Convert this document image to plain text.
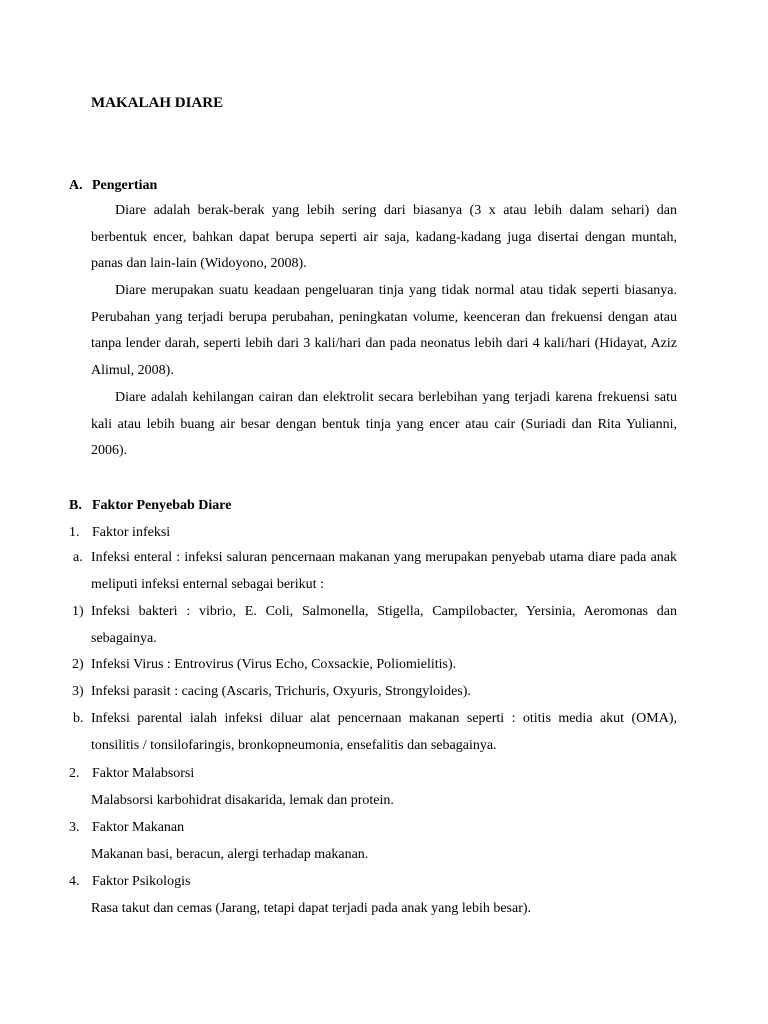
MAKALAH DIARE
A. Pengertian

Diare adalah berak-berak yang lebih sering dari biasanya (3 x atau lebih dalam sehari) dan berbentuk encer, bahkan dapat berupa seperti air saja, kadang-kadang juga disertai dengan muntah, panas dan lain-lain (Widoyono, 2008).

Diare merupakan suatu keadaan pengeluaran tinja yang tidak normal atau tidak seperti biasanya. Perubahan yang terjadi berupa perubahan, peningkatan volume, keenceran dan frekuensi dengan atau tanpa lender darah, seperti lebih dari 3 kali/hari dan pada neonatus lebih dari 4 kali/hari (Hidayat, Aziz Alimul, 2008).

Diare adalah kehilangan cairan dan elektrolit secara berlebihan yang terjadi karena frekuensi satu kali atau lebih buang air besar dengan bentuk tinja yang encer atau cair (Suriadi dan Rita Yulianni, 2006).

B. Faktor Penyebab Diare
1. Faktor infeksi
a. Infeksi enteral : infeksi saluran pencernaan makanan yang merupakan penyebab utama diare pada anak meliputi infeksi enternal sebagai berikut :
1) Infeksi bakteri : vibrio, E. Coli, Salmonella, Stigella, Campilobacter, Yersinia, Aeromonas dan sebagainya.
2) Infeksi Virus : Entrovirus (Virus Echo, Coxsackie, Poliomielitis).
3) Infeksi parasit : cacing (Ascaris, Trichuris, Oxyuris, Strongyloides).
b. Infeksi parental ialah infeksi diluar alat pencernaan makanan seperti : otitis media akut (OMA), tonsilitis / tonsilofaringis, bronkopneumonia, ensefalitis dan sebagainya.
2. Faktor Malabsorsi
Malabsorsi karbohidrat disakarida, lemak dan protein.
3. Faktor Makanan
Makanan basi, beracun, alergi terhadap makanan.
4. Faktor Psikologis
Rasa takut dan cemas (Jarang, tetapi dapat terjadi pada anak yang lebih besar).
